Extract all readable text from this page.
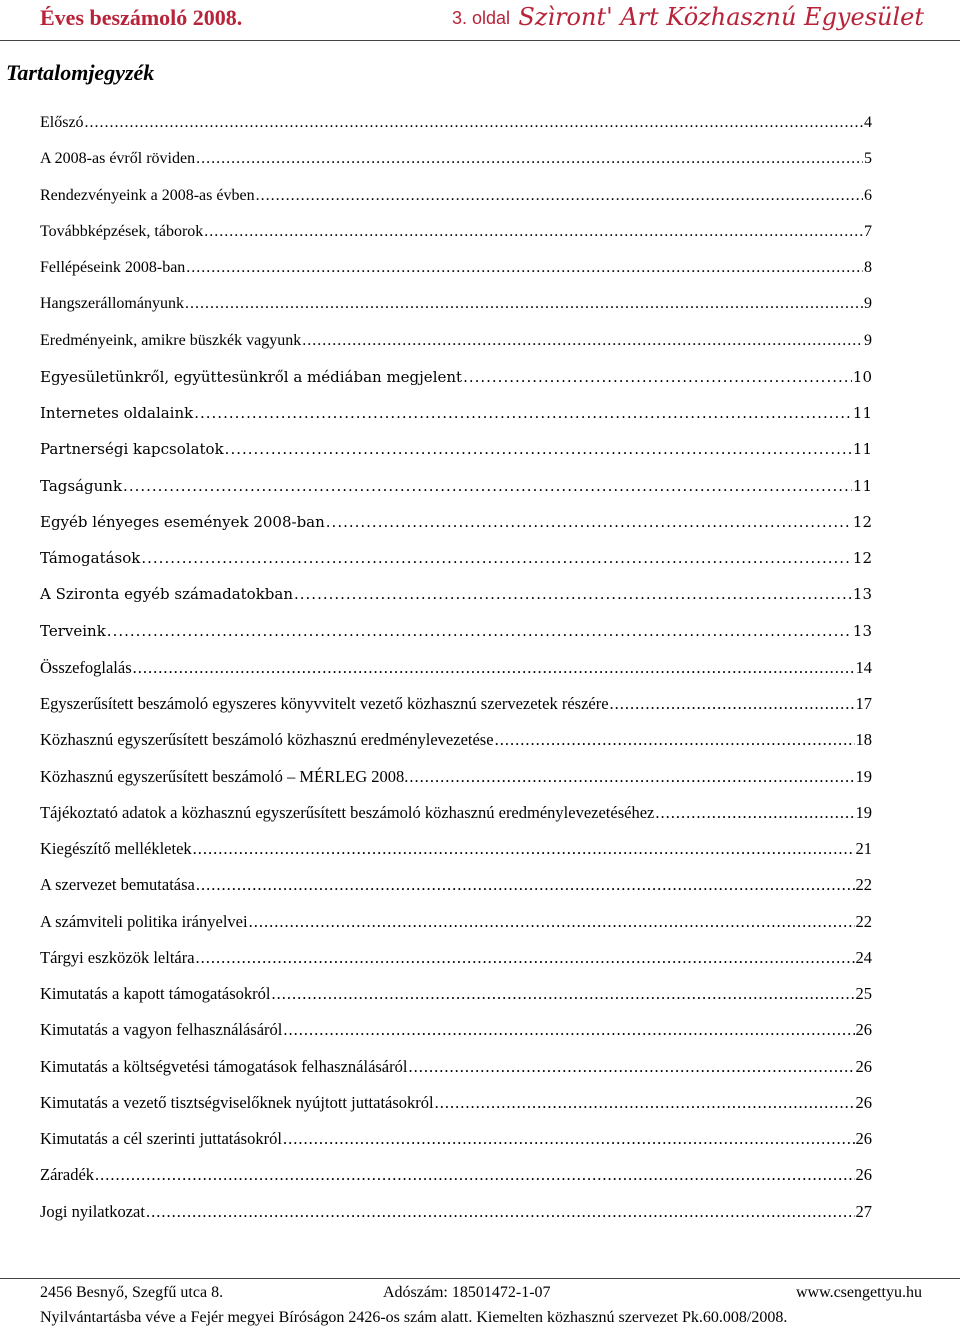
Éves beszámoló 2008.	3. oldal Szìront' Art Közhasznú Egyesület
Tartalomjegyzék
Előszó .....	4
A 2008-as évről röviden .....	5
Rendezvényeink a 2008-as évben .....	6
Továbbképzések, táborok .....	7
Fellépéseink 2008-ban .....	8
Hangszerállományunk .....	9
Eredményeink, amikre büszkék vagyunk .....	9
Egyesületünkről, együttesünkről a médiában megjelent .....	10
Internetes oldalaink .....	11
Partnerségi kapcsolatok .....	11
Tagságunk .....	11
Egyéb lényeges események 2008-ban .....	12
Támogatások .....	12
A Szironta egyéb számadatokban .....	13
Terveink .....	13
Összefoglalás .....	14
Egyszerűsített beszámoló egyszeres könyvvitelt vezető közhasznú szervezetek részére .....	17
Közhasznú egyszerűsített beszámoló közhasznú eredménylevezetése .....	18
Közhasznú egyszerűsített beszámoló – MÉRLEG 2008. .....	19
Tájékoztató adatok a közhasznú egyszerűsített beszámoló közhasznú eredménylevezetéséhez .....	19
Kiegészítő mellékletek .....	21
A szervezet bemutatása .....	22
A számviteli politika irányelvei .....	22
Tárgyi eszközök leltára .....	24
Kimutatás a kapott támogatásokról .....	25
Kimutatás a vagyon felhasználásáról .....	26
Kimutatás a költségvetési támogatások felhasználásáról .....	26
Kimutatás a vezető tisztségviselőknek nyújtott juttatásokról .....	26
Kimutatás a cél szerinti juttatásokról .....	26
Záradék .....	26
Jogi nyilatkozat .....	27
2456 Besnyő, Szegfű utca 8.	Adószám: 18501472-1-07	www.csengettyu.hu
Nyilvántartásba véve a Fejér megyei Bíróságon 2426-os szám alatt. Kiemelten közhasznú szervezet Pk.60.008/2008.
